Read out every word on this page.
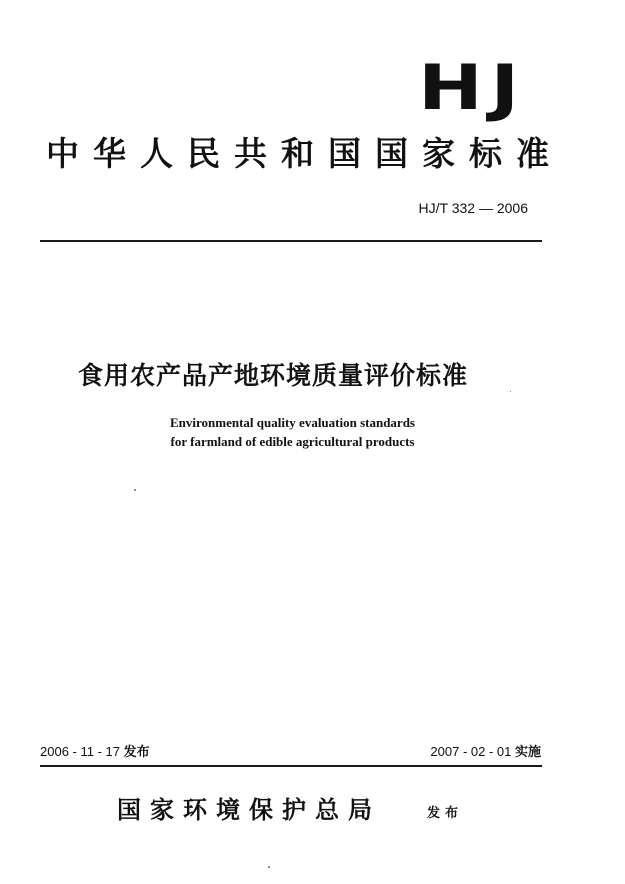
HJ
中华人民共和国国家标准
HJ/T 332 — 2006
食用农产品产地环境质量评价标准
Environmental quality evaluation standards
for farmland of edible agricultural products
2006 - 11 - 17 发布	2007 - 02 - 01 实施
国家环境保护总局	发布
